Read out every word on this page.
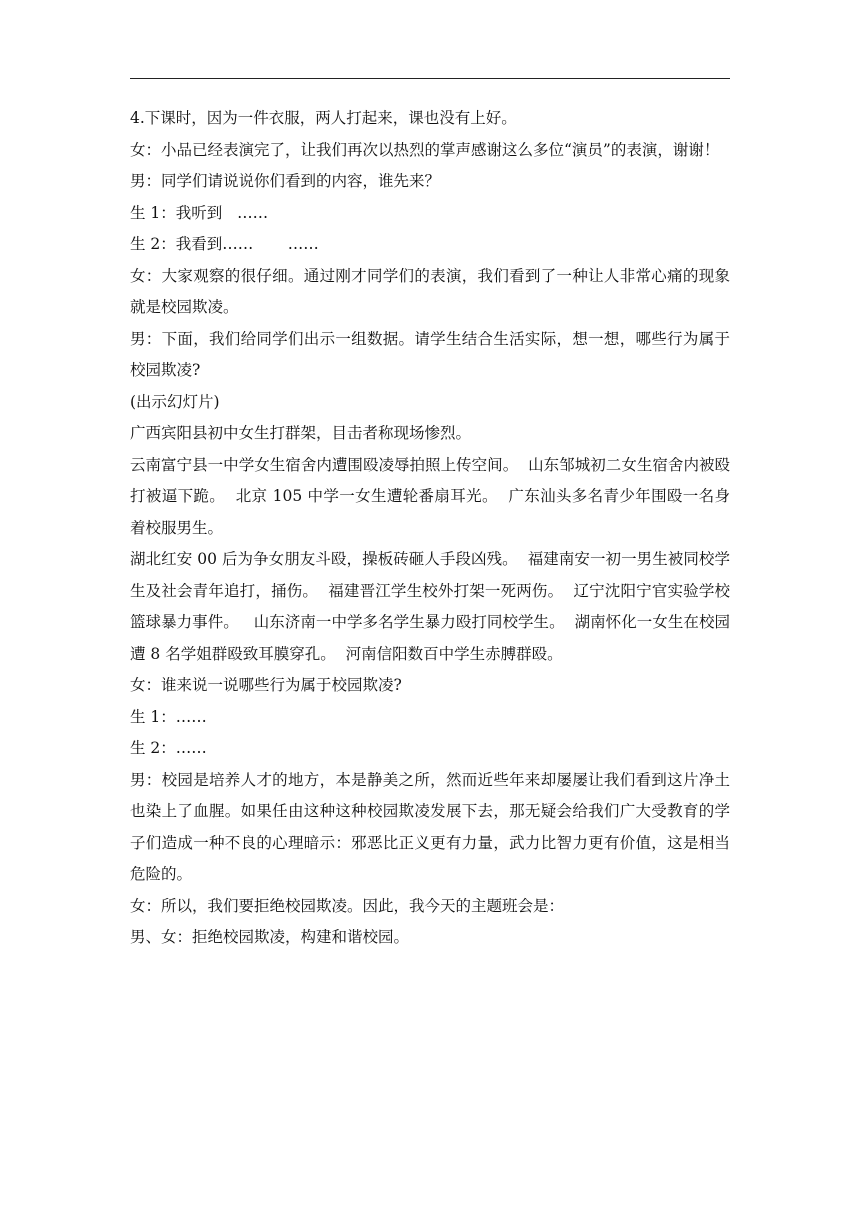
4.下课时，因为一件衣服，两人打起来，课也没有上好。

女：小品已经表演完了，让我们再次以热烈的掌声感谢这么多位“演员”的表演，谢谢！

男：同学们请说说你们看到的内容，谁先来？

生 1：我听到   ……

生 2：我看到……       ……

女：大家观察的很仔细。通过刚才同学们的表演，我们看到了一种让人非常心痛的现象就是校园欺凌。

男：下面，我们给同学们出示一组数据。请学生结合生活实际，想一想，哪些行为属于校园欺凌?

(出示幻灯片)

广西宾阳县初中女生打群架，目击者称现场惨烈。

云南富宁县一中学女生宿舍内遭围殴凌辱拍照上传空间。  山东邹城初二女生宿舍内被殴打被逼下跪。  北京 105 中学一女生遭轮番扇耳光。  广东汕头多名青少年围殴一名身着校服男生。

湖北红安 00 后为争女朋友斗殴，操板砖砸人手段凶残。  福建南安一初一男生被同校学生及社会青年追打，捅伤。  福建晋江学生校外打架一死两伤。  辽宁沈阳宁官实验学校篮球暴力事件。   山东济南一中学多名学生暴力殴打同校学生。  湖南怀化一女生在校园遭 8 名学姐群殴致耳膜穿孔。  河南信阳数百中学生赤膊群殴。

女：谁来说一说哪些行为属于校园欺凌?

生 1：……

生 2：……

男：校园是培养人才的地方，本是静美之所，然而近些年来却屡屡让我们看到这片净土也染上了血腥。如果任由这种这种校园欺凌发展下去，那无疑会给我们广大受教育的学子们造成一种不良的心理暗示：邪恶比正义更有力量，武力比智力更有价值，这是相当危险的。

女：所以，我们要拒绝校园欺凌。因此，我今天的主题班会是：

男、女：拒绝校园欺凌，构建和谐校园。
